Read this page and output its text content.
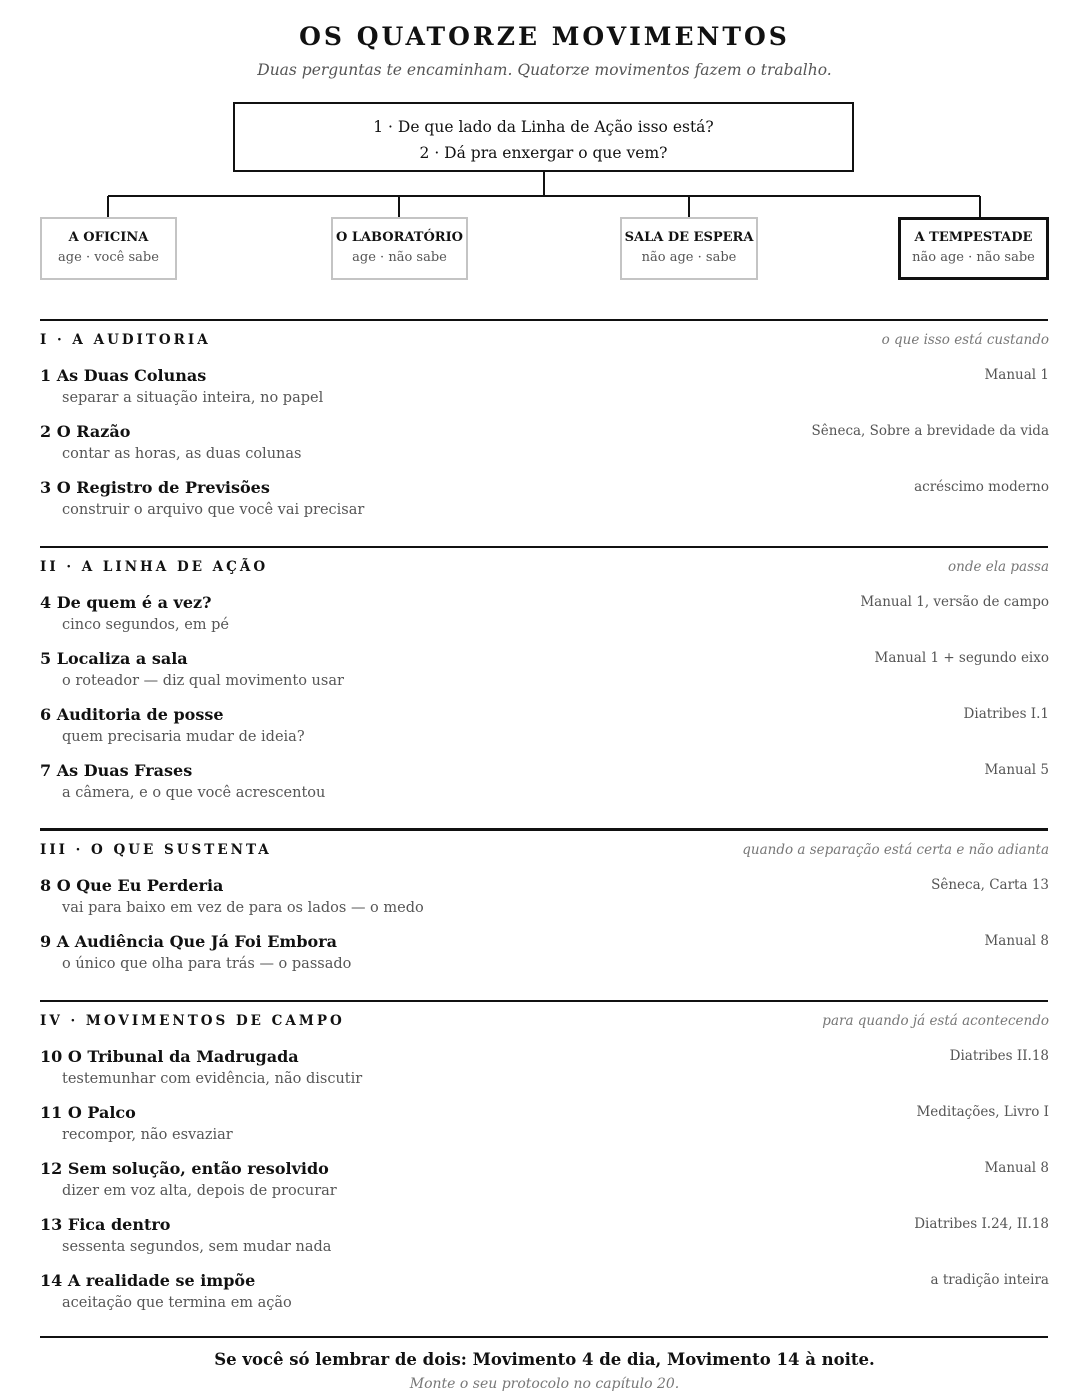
OS QUATORZE MOVIMENTOS

Duas perguntas te encaminham. Quatorze movimentos fazem o trabalho.

1 · De que lado da Linha de Ação isso está?
2 · Dá pra enxergar o que vem?
A OFICINA
age · você sabe
O LABORATÓRIO
age · não sabe
SALA DE ESPERA
não age · sabe
A TEMPESTADE
não age · não sabe
I · A AUDITORIA	o que isso está custando
1 As Duas Colunas	Manual 1
separar a situação inteira, no papel
2 O Razão	Sêneca, Sobre a brevidade da vida
contar as horas, as duas colunas
3 O Registro de Previsões	acréscimo moderno
construir o arquivo que você vai precisar
II · A LINHA DE AÇÃO	onde ela passa
4 De quem é a vez?	Manual 1, versão de campo
cinco segundos, em pé
5 Localiza a sala	Manual 1 + segundo eixo
o roteador — diz qual movimento usar
6 Auditoria de posse	Diatribes I.1
quem precisaria mudar de ideia?
7 As Duas Frases	Manual 5
a câmera, e o que você acrescentou
III · O QUE SUSTENTA	quando a separação está certa e não adianta
8 O Que Eu Perderia	Sêneca, Carta 13
vai para baixo em vez de para os lados — o medo
9 A Audiência Que Já Foi Embora	Manual 8
o único que olha para trás — o passado
IV · MOVIMENTOS DE CAMPO	para quando já está acontecendo
10 O Tribunal da Madrugada	Diatribes II.18
testemunhar com evidência, não discutir
11 O Palco	Meditações, Livro I
recompor, não esvaziar
12 Sem solução, então resolvido	Manual 8
dizer em voz alta, depois de procurar
13 Fica dentro	Diatribes I.24, II.18
sessenta segundos, sem mudar nada
14 A realidade se impõe	a tradição inteira
aceitação que termina em ação
Se você só lembrar de dois: Movimento 4 de dia, Movimento 14 à noite.
Monte o seu protocolo no capítulo 20.
